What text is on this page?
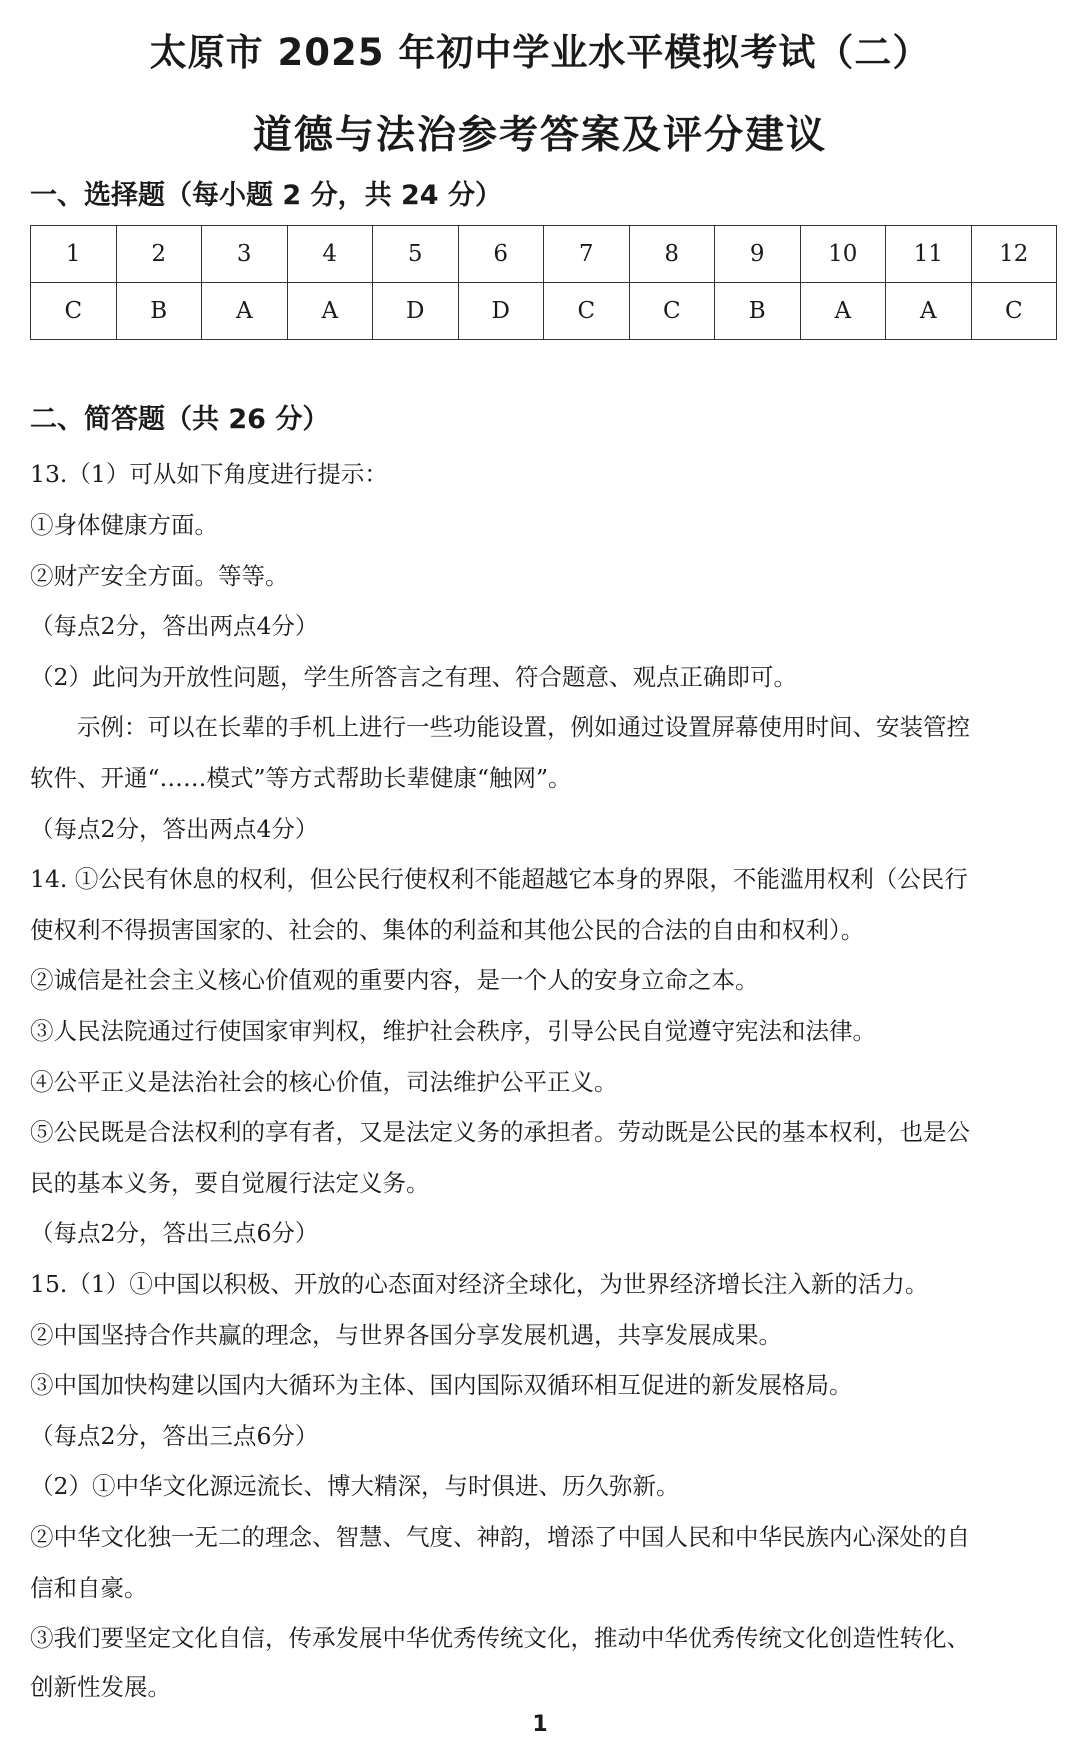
太原市 2025 年初中学业水平模拟考试（二）
道德与法治参考答案及评分建议
一、选择题（每小题 2 分，共 24 分）
1	2	3	4	5	6	7	8	9	10	11	12
C	B	A	A	D	D	C	C	B	A	A	C
二、简答题（共 26 分）
13.（1）可从如下角度进行提示：
①身体健康方面。
②财产安全方面。等等。
（每点2分，答出两点4分）
（2）此问为开放性问题，学生所答言之有理、符合题意、观点正确即可。
　　示例：可以在长辈的手机上进行一些功能设置，例如通过设置屏幕使用时间、安装管控
软件、开通“……模式”等方式帮助长辈健康“触网”。
（每点2分，答出两点4分）
14. ①公民有休息的权利，但公民行使权利不能超越它本身的界限，不能滥用权利（公民行
使权利不得损害国家的、社会的、集体的利益和其他公民的合法的自由和权利）。
②诚信是社会主义核心价值观的重要内容，是一个人的安身立命之本。
③人民法院通过行使国家审判权，维护社会秩序，引导公民自觉遵守宪法和法律。
④公平正义是法治社会的核心价值，司法维护公平正义。
⑤公民既是合法权利的享有者，又是法定义务的承担者。劳动既是公民的基本权利，也是公
民的基本义务，要自觉履行法定义务。
（每点2分，答出三点6分）
15.（1）①中国以积极、开放的心态面对经济全球化，为世界经济增长注入新的活力。
②中国坚持合作共赢的理念，与世界各国分享发展机遇，共享发展成果。
③中国加快构建以国内大循环为主体、国内国际双循环相互促进的新发展格局。
（每点2分，答出三点6分）
（2）①中华文化源远流长、博大精深，与时俱进、历久弥新。
②中华文化独一无二的理念、智慧、气度、神韵，增添了中国人民和中华民族内心深处的自
信和自豪。
③我们要坚定文化自信，传承发展中华优秀传统文化，推动中华优秀传统文化创造性转化、
创新性发展。
1
